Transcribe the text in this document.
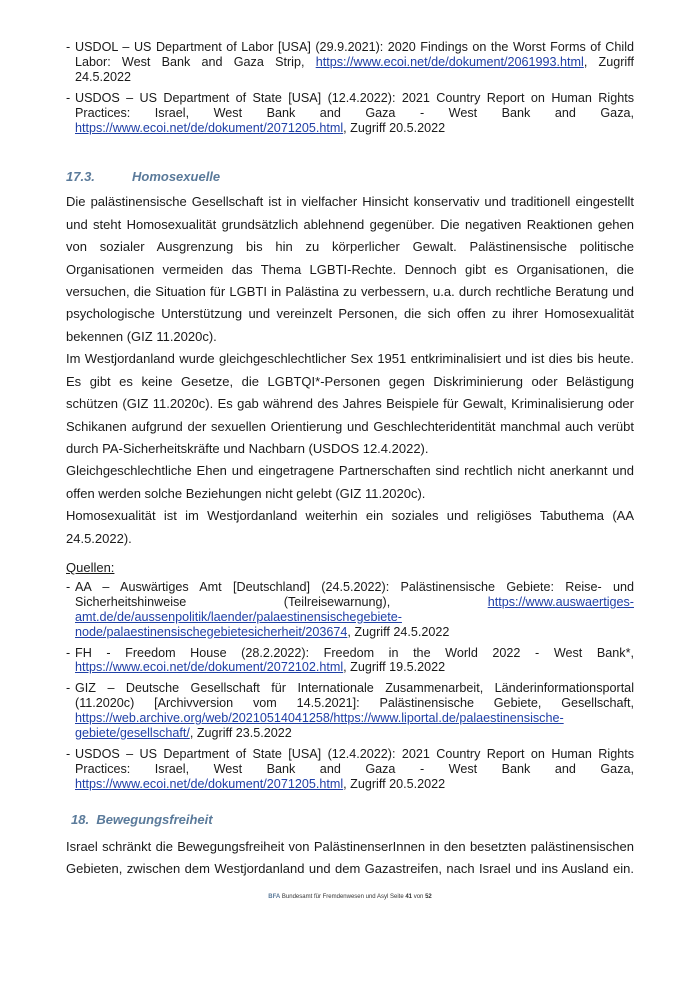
- USDOL – US Department of Labor [USA] (29.9.2021): 2020 Findings on the Worst Forms of Child Labor: West Bank and Gaza Strip, https://www.ecoi.net/de/dokument/2061993.html, Zugriff 24.5.2022
- USDOS – US Department of State [USA] (12.4.2022): 2021 Country Report on Human Rights Practices: Israel, West Bank and Gaza - West Bank and Gaza, https://www.ecoi.net/de/dokument/2071205.html, Zugriff 20.5.2022
17.3.	Homosexuelle

Die palästinensische Gesellschaft ist in vielfacher Hinsicht konservativ und traditionell eingestellt und steht Homosexualität grundsätzlich ablehnend gegenüber. Die negativen Reaktionen gehen von sozialer Ausgrenzung bis hin zu körperlicher Gewalt. Palästinensische politische Organisationen vermeiden das Thema LGBTI-Rechte. Dennoch gibt es Organisationen, die versuchen, die Situation für LGBTI in Palästina zu verbessern, u.a. durch rechtliche Beratung und psychologische Unterstützung und vereinzelt Personen, die sich offen zu ihrer Homosexualität bekennen (GIZ 11.2020c).

Im Westjordanland wurde gleichgeschlechtlicher Sex 1951 entkriminalisiert und ist dies bis heute. Es gibt es keine Gesetze, die LGBTQI*-Personen gegen Diskriminierung oder Belästigung schützen (GIZ 11.2020c). Es gab während des Jahres Beispiele für Gewalt, Kriminalisierung oder Schikanen aufgrund der sexuellen Orientierung und Geschlechteridentität manchmal auch verübt durch PA-Sicherheitskräfte und Nachbarn (USDOS 12.4.2022).

Gleichgeschlechtliche Ehen und eingetragene Partnerschaften sind rechtlich nicht anerkannt und offen werden solche Beziehungen nicht gelebt (GIZ 11.2020c).

Homosexualität ist im Westjordanland weiterhin ein soziales und religiöses Tabuthema (AA 24.5.2022).

Quellen:
- AA – Auswärtiges Amt [Deutschland] (24.5.2022): Palästinensische Gebiete: Reise- und Sicherheitshinweise (Teilreisewarnung), https://www.auswaertiges-amt.de/de/aussenpolitik/laender/palaestinensischegebiete-node/palaestinensischegebietesicherheit/203674, Zugriff 24.5.2022
- FH - Freedom House (28.2.2022): Freedom in the World 2022 - West Bank*, https://www.ecoi.net/de/dokument/2072102.html, Zugriff 19.5.2022
- GIZ – Deutsche Gesellschaft für Internationale Zusammenarbeit, Länderinformationsportal (11.2020c) [Archivversion vom 14.5.2021]: Palästinensische Gebiete, Gesellschaft, https://web.archive.org/web/20210514041258/https://www.liportal.de/palaestinensische-gebiete/gesellschaft/, Zugriff 23.5.2022
- USDOS – US Department of State [USA] (12.4.2022): 2021 Country Report on Human Rights Practices: Israel, West Bank and Gaza - West Bank and Gaza, https://www.ecoi.net/de/dokument/2071205.html, Zugriff 20.5.2022
18. Bewegungsfreiheit

Israel schränkt die Bewegungsfreiheit von PalästinenserInnen in den besetzten palästinensischen Gebieten, zwischen dem Westjordanland und dem Gazastreifen, nach Israel und ins Ausland ein.

BFA Bundesamt für Fremdenwesen und Asyl Seite 41 von 52
